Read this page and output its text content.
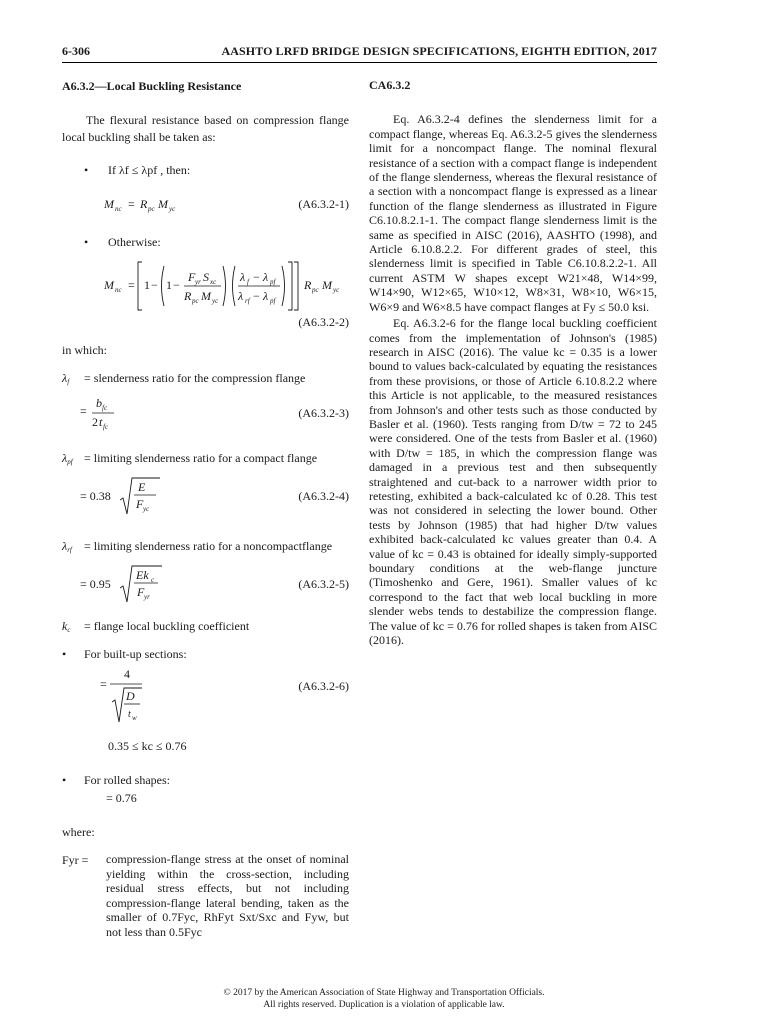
6-306	AASHTO LRFD BRIDGE DESIGN SPECIFICATIONS, EIGHTH EDITION, 2017
A6.3.2—Local Buckling Resistance

The flexural resistance based on compression flange local buckling shall be taken as:

• If λf ≤ λpf , then:
M nc = R pc M yc	(A6.3.2-1)
• Otherwise:
M nc = 1 − 1 −
F yr S xc
R pc M yc
λ f − λ pf
λ rf − λ pf
R pc M yc
(A6.3.2-2)
in which:
λf = slenderness ratio for the compression flange
=
b fc
2 t fc
(A6.3.2-3)
λpf = limiting slenderness ratio for a compact flange
= 0.38
E
F yc
(A6.3.2-4)
λrf = limiting slenderness ratio for a noncompactflange
= 0.95
Ek c
F yr
(A6.3.2-5)
kc = flange local buckling coefficient
• For built-up sections:
=
4
D
t w
(A6.3.2-6)
0.35 ≤ kc ≤ 0.76
• For rolled shapes:
= 0.76
where:
Fyr = compression-flange stress at the onset of nominal yielding within the cross-section, including residual stress effects, but not including compression-flange lateral bending, taken as the smaller of 0.7Fyc, RhFyt Sxt/Sxc and Fyw, but not less than 0.5Fyc
CA6.3.2

Eq. A6.3.2-4 defines the slenderness limit for a compact flange, whereas Eq. A6.3.2-5 gives the slenderness limit for a noncompact flange. The nominal flexural resistance of a section with a compact flange is independent of the flange slenderness, whereas the flexural resistance of a section with a noncompact flange is expressed as a linear function of the flange slenderness as illustrated in Figure C6.10.8.2.1-1. The compact flange slenderness limit is the same as specified in AISC (2016), AASHTO (1998), and Article 6.10.8.2.2. For different grades of steel, this slenderness limit is specified in Table C6.10.8.2.2-1. All current ASTM W shapes except W21×48, W14×99, W14×90, W12×65, W10×12, W8×31, W8×10, W6×15, W6×9 and W6×8.5 have compact flanges at Fy ≤ 50.0 ksi.

Eq. A6.3.2-6 for the flange local buckling coefficient comes from the implementation of Johnson's (1985) research in AISC (2016). The value kc = 0.35 is a lower bound to values back-calculated by equating the resistances from these provisions, or those of Article 6.10.8.2.2 where this Article is not applicable, to the measured resistances from Johnson's and other tests such as those conducted by Basler et al. (1960). Tests ranging from D/tw = 72 to 245 were considered. One of the tests from Basler et al. (1960) with D/tw = 185, in which the compression flange was damaged in a previous test and then subsequently straightened and cut-back to a narrower width prior to retesting, exhibited a back-calculated kc of 0.28. This test was not considered in selecting the lower bound. Other tests by Johnson (1985) that had higher D/tw values exhibited back-calculated kc values greater than 0.4. A value of kc = 0.43 is obtained for ideally simply-supported boundary conditions at the web-flange juncture (Timoshenko and Gere, 1961). Smaller values of kc correspond to the fact that web local buckling in more slender webs tends to destabilize the compression flange. The value of kc = 0.76 for rolled shapes is taken from AISC (2016).

© 2017 by the American Association of State Highway and Transportation Officials.
All rights reserved. Duplication is a violation of applicable law.
